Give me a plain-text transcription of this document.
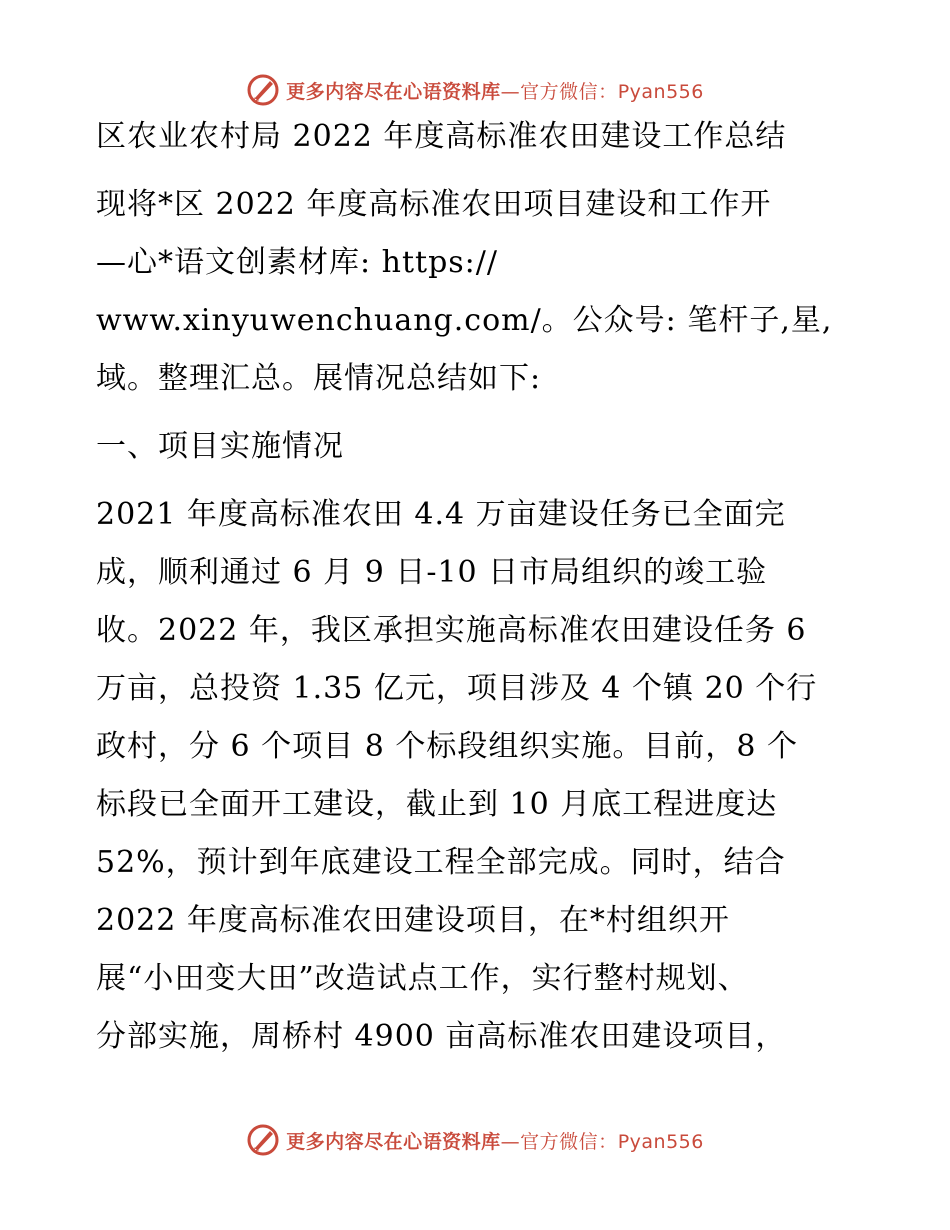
更多内容尽在心语资料库—官方微信：Pyan556
区农业农村局 2022 年度高标准农田建设工作总结
现将*区 2022 年度高标准农田项目建设和工作开
—心*语文创素材库: https://
www.xinyuwenchuang.com/。公众号: 笔杆子,星,
域。整理汇总。展情况总结如下:
一、项目实施情况
2021 年度高标准农田 4.4 万亩建设任务已全面完
成，顺利通过 6 月 9 日-10 日市局组织的竣工验
收。2022 年，我区承担实施高标准农田建设任务 6
万亩，总投资 1.35 亿元，项目涉及 4 个镇 20 个行
政村，分 6 个项目 8 个标段组织实施。目前，8 个
标段已全面开工建设，截止到 10 月底工程进度达
52%，预计到年底建设工程全部完成。同时，结合
2022 年度高标准农田建设项目，在*村组织开
展“小田变大田”改造试点工作，实行整村规划、
分部实施，周桥村 4900 亩高标准农田建设项目，
更多内容尽在心语资料库—官方微信：Pyan556
